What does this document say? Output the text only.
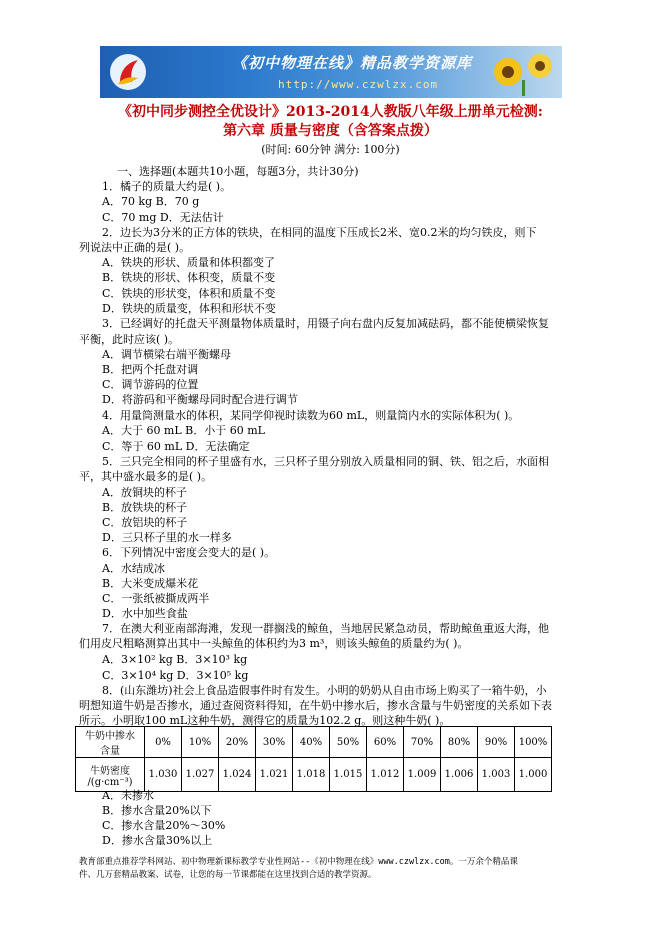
《初中物理在线》精品教学资源库
http://www.czwlzx.com
《初中同步测控全优设计》2013-2014人教版八年级上册单元检测:
第六章 质量与密度（含答案点拨）
(时间: 60分钟 满分: 100分)
一、选择题(本题共10小题，每题3分，共计30分)
1．橘子的质量大约是( )。
A．70 kg B．70 g
C．70 mg D．无法估计
2．边长为3分米的正方体的铁块，在相同的温度下压成长2米、宽0.2米的均匀铁皮，则下
列说法中正确的是( )。
A．铁块的形状、质量和体积都变了
B．铁块的形状、体积变，质量不变
C．铁块的形状变，体积和质量不变
D．铁块的质量变，体积和形状不变
3．已经调好的托盘天平测量物体质量时，用镊子向右盘内反复加减砝码，都不能使横梁恢复
平衡，此时应该( )。
A．调节横梁右端平衡螺母
B．把两个托盘对调
C．调节游码的位置
D．将游码和平衡螺母同时配合进行调节
4．用量筒测量水的体积，某同学仰视时读数为60 mL，则量筒内水的实际体积为( )。
A．大于 60 mL B．小于 60 mL
C．等于 60 mL D．无法确定
5．三只完全相同的杯子里盛有水，三只杯子里分别放入质量相同的铜、铁、铝之后，水面相
平，其中盛水最多的是( )。
A．放铜块的杯子
B．放铁块的杯子
C．放铝块的杯子
D．三只杯子里的水一样多
6．下列情况中密度会变大的是( )。
A．水结成冰
B．大米变成爆米花
C．一张纸被撕成两半
D．水中加些食盐
7．在澳大利亚南部海滩，发现一群搁浅的鲸鱼，当地居民紧急动员，帮助鲸鱼重返大海，他
们用皮尺粗略测算出其中一头鲸鱼的体积约为3 m³，则该头鲸鱼的质量约为( )。
A．3×10² kg B．3×10³ kg
C．3×10⁴ kg D．3×10⁵ kg
8．(山东潍坊)社会上食品造假事件时有发生。小明的奶奶从自由市场上购买了一箱牛奶，小
明想知道牛奶是否掺水，通过查阅资料得知，在牛奶中掺水后，掺水含量与牛奶密度的关系如下表
所示。小明取100 mL这种牛奶，测得它的质量为102.2 g。则这种牛奶( )。
牛奶中掺水
含量	0%	10%	20%	30%	40%	50%	60%	70%	80%	90%	100%

牛奶密度
/(g·cm⁻³)	1.030	1.027	1.024	1.021	1.018	1.015	1.012	1.009	1.006	1.003	1.000
A．未掺水
B．掺水含量20%以下
C．掺水含量20%～30%
D．掺水含量30%以上
教育部重点推荐学科网站、初中物理新课标教学专业性网站--《初中物理在线》www.czwlzx.com。一万余个精品课
件、几万套精品教案、试卷，让您的每一节课都能在这里找到合适的教学资源。
